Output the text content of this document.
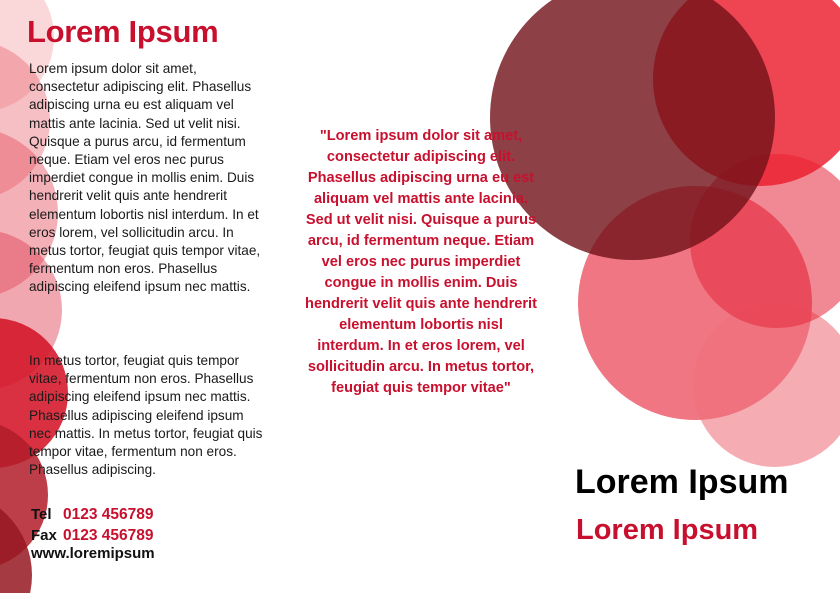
Lorem Ipsum
Lorem ipsum dolor sit amet, consectetur adipiscing elit. Phasellus adipiscing urna eu est aliquam vel mattis ante lacinia. Sed ut velit nisi. Quisque a purus arcu, id fermentum neque. Etiam vel eros nec purus imperdiet congue in mollis enim. Duis hendrerit velit quis ante hendrerit elementum lobortis nisl interdum. In et eros lorem, vel sollicitudin arcu. In metus tortor, feugiat quis tempor vitae, fermentum non eros. Phasellus adipiscing eleifend ipsum nec mattis.
In metus tortor, feugiat quis tempor vitae, fermentum non eros. Phasellus adipiscing eleifend ipsum nec mattis. Phasellus adipiscing eleifend ipsum nec mattis. In metus tortor, feugiat quis tempor vitae, fermentum non eros. Phasellus adipiscing.
Tel 0123 456789
Fax 0123 456789
www.loremipsum
"Lorem ipsum dolor sit amet, consectetur adipiscing elit. Phasellus adipiscing urna eu est aliquam vel mattis ante lacinia. Sed ut velit nisi. Quisque a purus arcu, id fermentum neque. Etiam vel eros nec purus imperdiet congue in mollis enim. Duis hendrerit velit quis ante hendrerit elementum lobortis nisl interdum. In et eros lorem, vel sollicitudin arcu. In metus tortor, feugiat quis tempor vitae"
Lorem Ipsum
Lorem Ipsum
